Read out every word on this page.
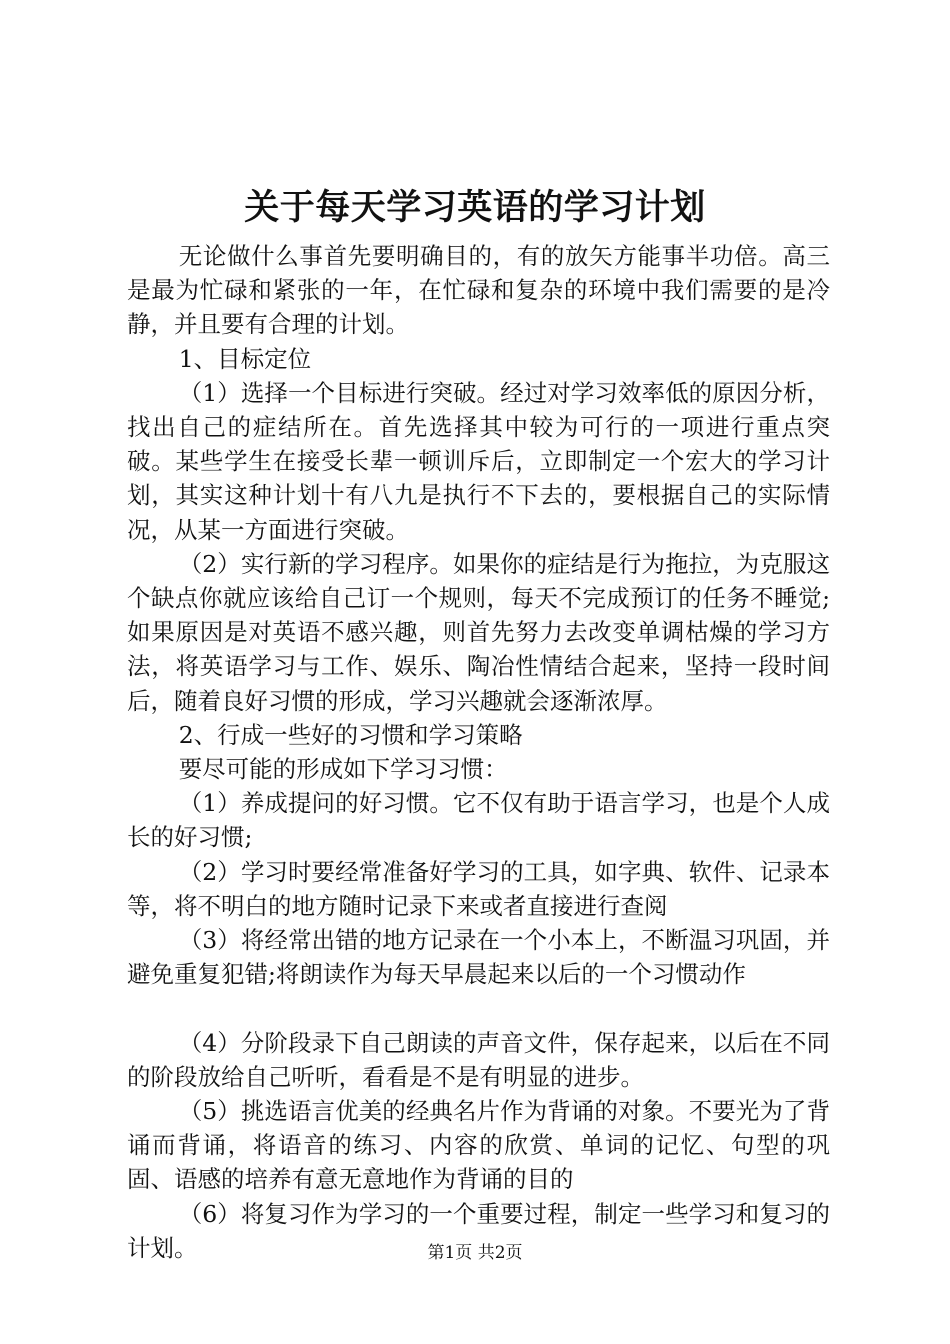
关于每天学习英语的学习计划

无论做什么事首先要明确目的，有的放矢方能事半功倍。高三是最为忙碌和紧张的一年，在忙碌和复杂的环境中我们需要的是冷静，并且要有合理的计划。

1、目标定位

（1）选择一个目标进行突破。经过对学习效率低的原因分析，找出自己的症结所在。首先选择其中较为可行的一项进行重点突破。某些学生在接受长辈一顿训斥后，立即制定一个宏大的学习计划，其实这种计划十有八九是执行不下去的，要根据自己的实际情况，从某一方面进行突破。

（2）实行新的学习程序。如果你的症结是行为拖拉，为克服这个缺点你就应该给自己订一个规则，每天不完成预订的任务不睡觉;如果原因是对英语不感兴趣，则首先努力去改变单调枯燥的学习方法，将英语学习与工作、娱乐、陶冶性情结合起来，坚持一段时间后，随着良好习惯的形成，学习兴趣就会逐渐浓厚。

2、行成一些好的习惯和学习策略

要尽可能的形成如下学习习惯：

（1）养成提问的好习惯。它不仅有助于语言学习，也是个人成长的好习惯;

（2）学习时要经常准备好学习的工具，如字典、软件、记录本等，将不明白的地方随时记录下来或者直接进行查阅

（3）将经常出错的地方记录在一个小本上，不断温习巩固，并避免重复犯错;将朗读作为每天早晨起来以后的一个习惯动作

（4）分阶段录下自己朗读的声音文件，保存起来，以后在不同的阶段放给自己听听，看看是不是有明显的进步。

（5）挑选语言优美的经典名片作为背诵的对象。不要光为了背诵而背诵，将语音的练习、内容的欣赏、单词的记忆、句型的巩固、语感的培养有意无意地作为背诵的目的

（6）将复习作为学习的一个重要过程，制定一些学习和复习的计划。	第1页 共2页
